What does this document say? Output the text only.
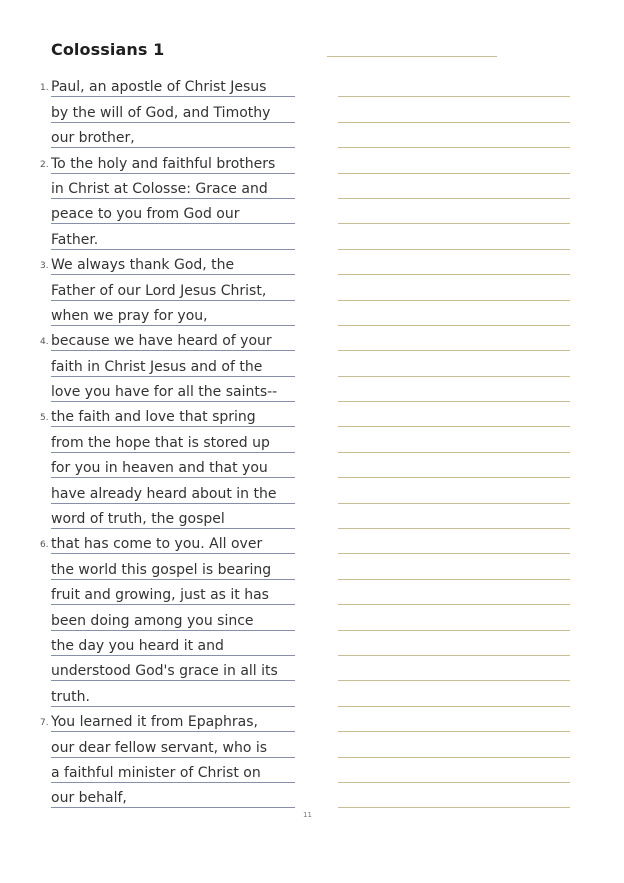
Colossians 1
1. Paul, an apostle of Christ Jesus
by the will of God, and Timothy
our brother,
2. To the holy and faithful brothers
in Christ at Colosse: Grace and
peace to you from God our
Father.
3. We always thank God, the
Father of our Lord Jesus Christ,
when we pray for you,
4. because we have heard of your
faith in Christ Jesus and of the
love you have for all the saints--
5. the faith and love that spring
from the hope that is stored up
for you in heaven and that you
have already heard about in the
word of truth, the gospel
6. that has come to you. All over
the world this gospel is bearing
fruit and growing, just as it has
been doing among you since
the day you heard it and
understood God's grace in all its
truth.
7. You learned it from Epaphras,
our dear fellow servant, who is
a faithful minister of Christ on
our behalf,
11
